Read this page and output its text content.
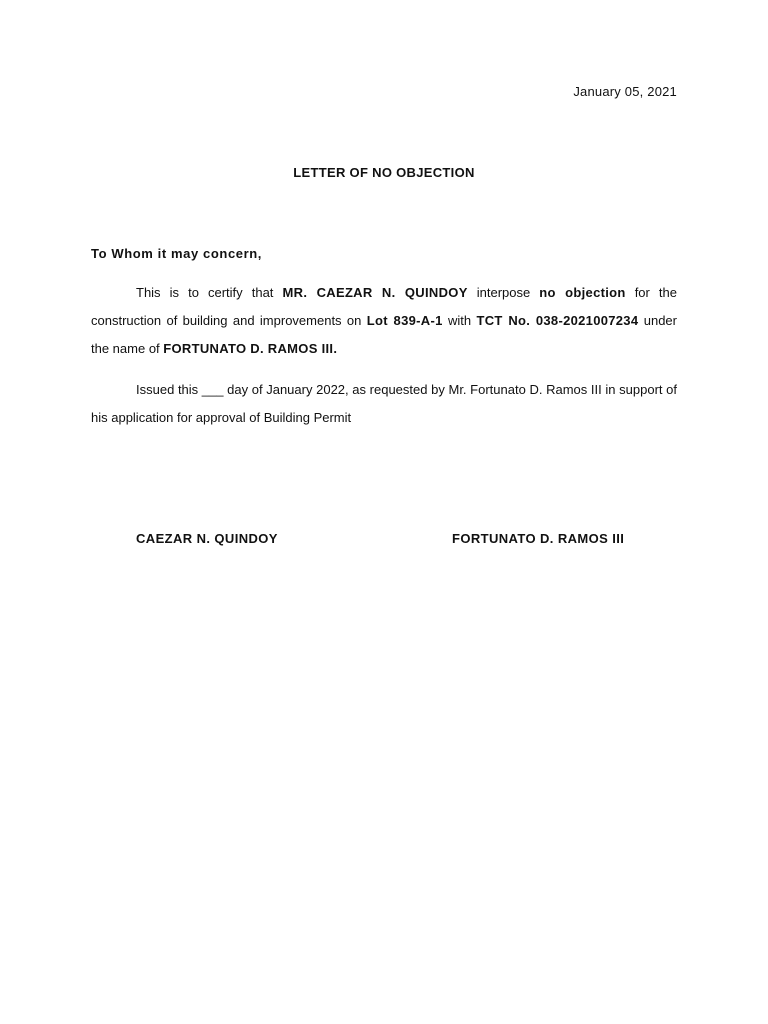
January 05, 2021
LETTER OF NO OBJECTION
To Whom it may concern,
This is to certify that MR. CAEZAR N. QUINDOY interpose no objection for the construction of building and improvements on Lot 839-A-1 with TCT No. 038-2021007234 under the name of FORTUNATO D. RAMOS III.
Issued this ___ day of January 2022, as requested by Mr. Fortunato D. Ramos III in support of his application for approval of Building Permit
CAEZAR N. QUINDOY	FORTUNATO D. RAMOS III
